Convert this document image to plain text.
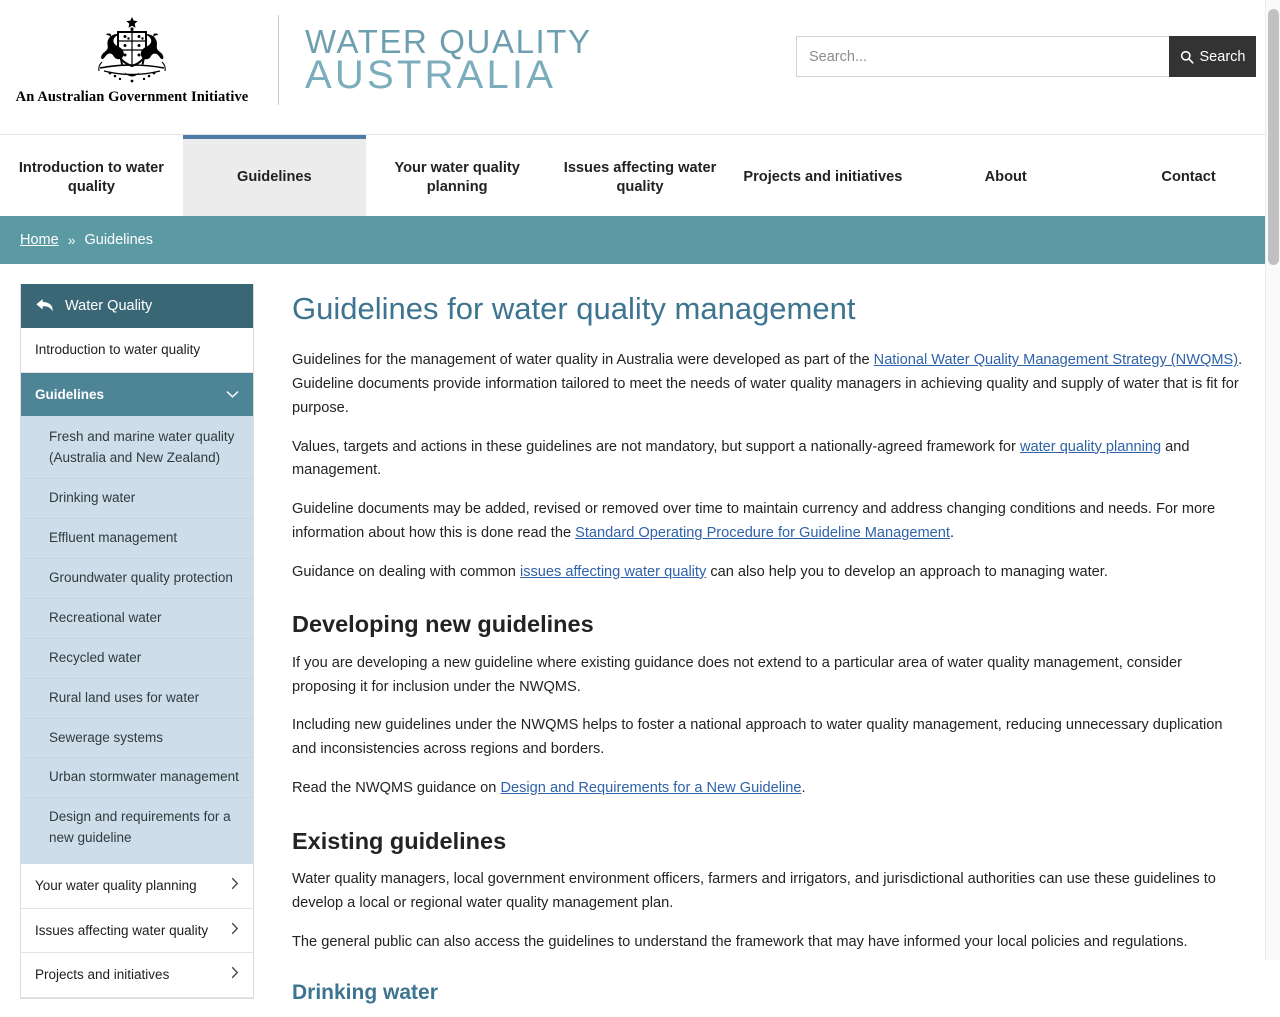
An Australian Government Initiative
WATER QUALITY
AUSTRALIA
Search...	Search
Introduction to water quality
Guidelines
Your water quality planning
Issues affecting water quality
Projects and initiatives	About	Contact
Home » Guidelines
Water Quality
Introduction to water quality
Guidelines
Fresh and marine water quality (Australia and New Zealand)
Drinking water
Effluent management
Groundwater quality protection
Recreational water
Recycled water
Rural land uses for water
Sewerage systems
Urban stormwater management
Design and requirements for a new guideline
Your water quality planning
Issues affecting water quality
Projects and initiatives
Guidelines for water quality management

Guidelines for the management of water quality in Australia were developed as part of the National Water Quality Management Strategy (NWQMS). Guideline documents provide information tailored to meet the needs of water quality managers in achieving quality and supply of water that is fit for purpose.

Values, targets and actions in these guidelines are not mandatory, but support a nationally-agreed framework for water quality planning and management.

Guideline documents may be added, revised or removed over time to maintain currency and address changing conditions and needs. For more information about how this is done read the Standard Operating Procedure for Guideline Management.

Guidance on dealing with common issues affecting water quality can also help you to develop an approach to managing water.

Developing new guidelines

If you are developing a new guideline where existing guidance does not extend to a particular area of water quality management, consider proposing it for inclusion under the NWQMS.

Including new guidelines under the NWQMS helps to foster a national approach to water quality management, reducing unnecessary duplication and inconsistencies across regions and borders.

Read the NWQMS guidance on Design and Requirements for a New Guideline.

Existing guidelines

Water quality managers, local government environment officers, farmers and irrigators, and jurisdictional authorities can use these guidelines to develop a local or regional water quality management plan.

The general public can also access the guidelines to understand the framework that may have informed your local policies and regulations.

Drinking water
